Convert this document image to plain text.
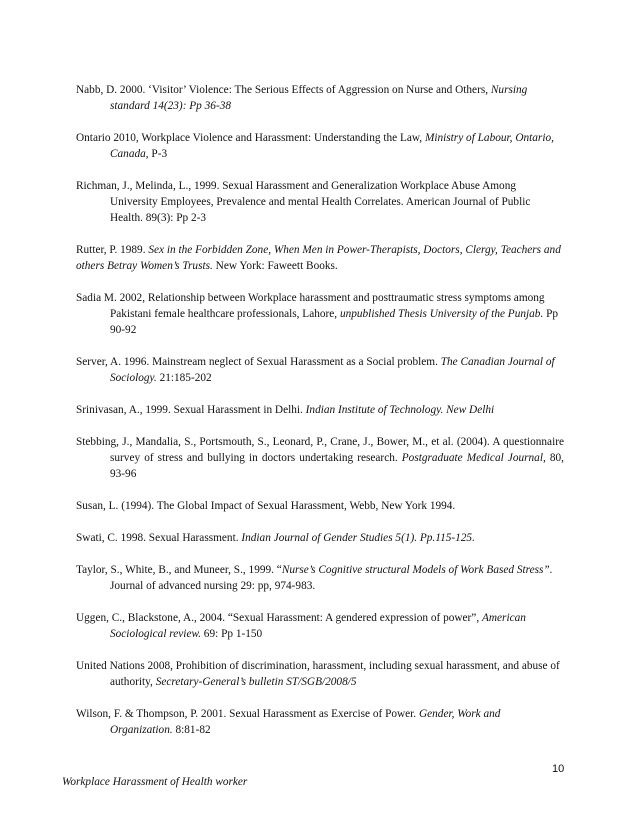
Nabb, D. 2000. ‘Visitor’ Violence: The Serious Effects of Aggression on Nurse and Others, Nursing standard 14(23): Pp 36-38

Ontario 2010, Workplace Violence and Harassment: Understanding the Law, Ministry of Labour, Ontario, Canada, P-3

Richman, J., Melinda, L., 1999. Sexual Harassment and Generalization Workplace Abuse Among University Employees, Prevalence and mental Health Correlates. American Journal of Public Health. 89(3): Pp 2-3

Rutter, P. 1989. Sex in the Forbidden Zone, When Men in Power-Therapists, Doctors, Clergy, Teachers and others Betray Women’s Trusts. New York: Faweett Books.

Sadia M. 2002, Relationship between Workplace harassment and posttraumatic stress symptoms among Pakistani female healthcare professionals, Lahore, unpublished Thesis University of the Punjab. Pp 90-92

Server, A. 1996. Mainstream neglect of Sexual Harassment as a Social problem. The Canadian Journal of Sociology. 21:185-202

Srinivasan, A., 1999. Sexual Harassment in Delhi. Indian Institute of Technology. New Delhi

Stebbing, J., Mandalia, S., Portsmouth, S., Leonard, P., Crane, J., Bower, M., et al. (2004). A questionnaire survey of stress and bullying in doctors undertaking research. Postgraduate Medical Journal, 80, 93-96

Susan, L. (1994). The Global Impact of Sexual Harassment, Webb, New York 1994.

Swati, C. 1998. Sexual Harassment. Indian Journal of Gender Studies 5(1). Pp.115-125.

Taylor, S., White, B., and Muneer, S., 1999. “Nurse’s Cognitive structural Models of Work Based Stress”. Journal of advanced nursing 29: pp, 974-983.

Uggen, C., Blackstone, A., 2004. “Sexual Harassment: A gendered expression of power”, American Sociological review. 69: Pp 1-150

United Nations 2008, Prohibition of discrimination, harassment, including sexual harassment, and abuse of authority, Secretary-General’s bulletin ST/SGB/2008/5

Wilson, F. & Thompson, P. 2001. Sexual Harassment as Exercise of Power. Gender, Work and Organization. 8:81-82

10
Workplace Harassment of Health worker
